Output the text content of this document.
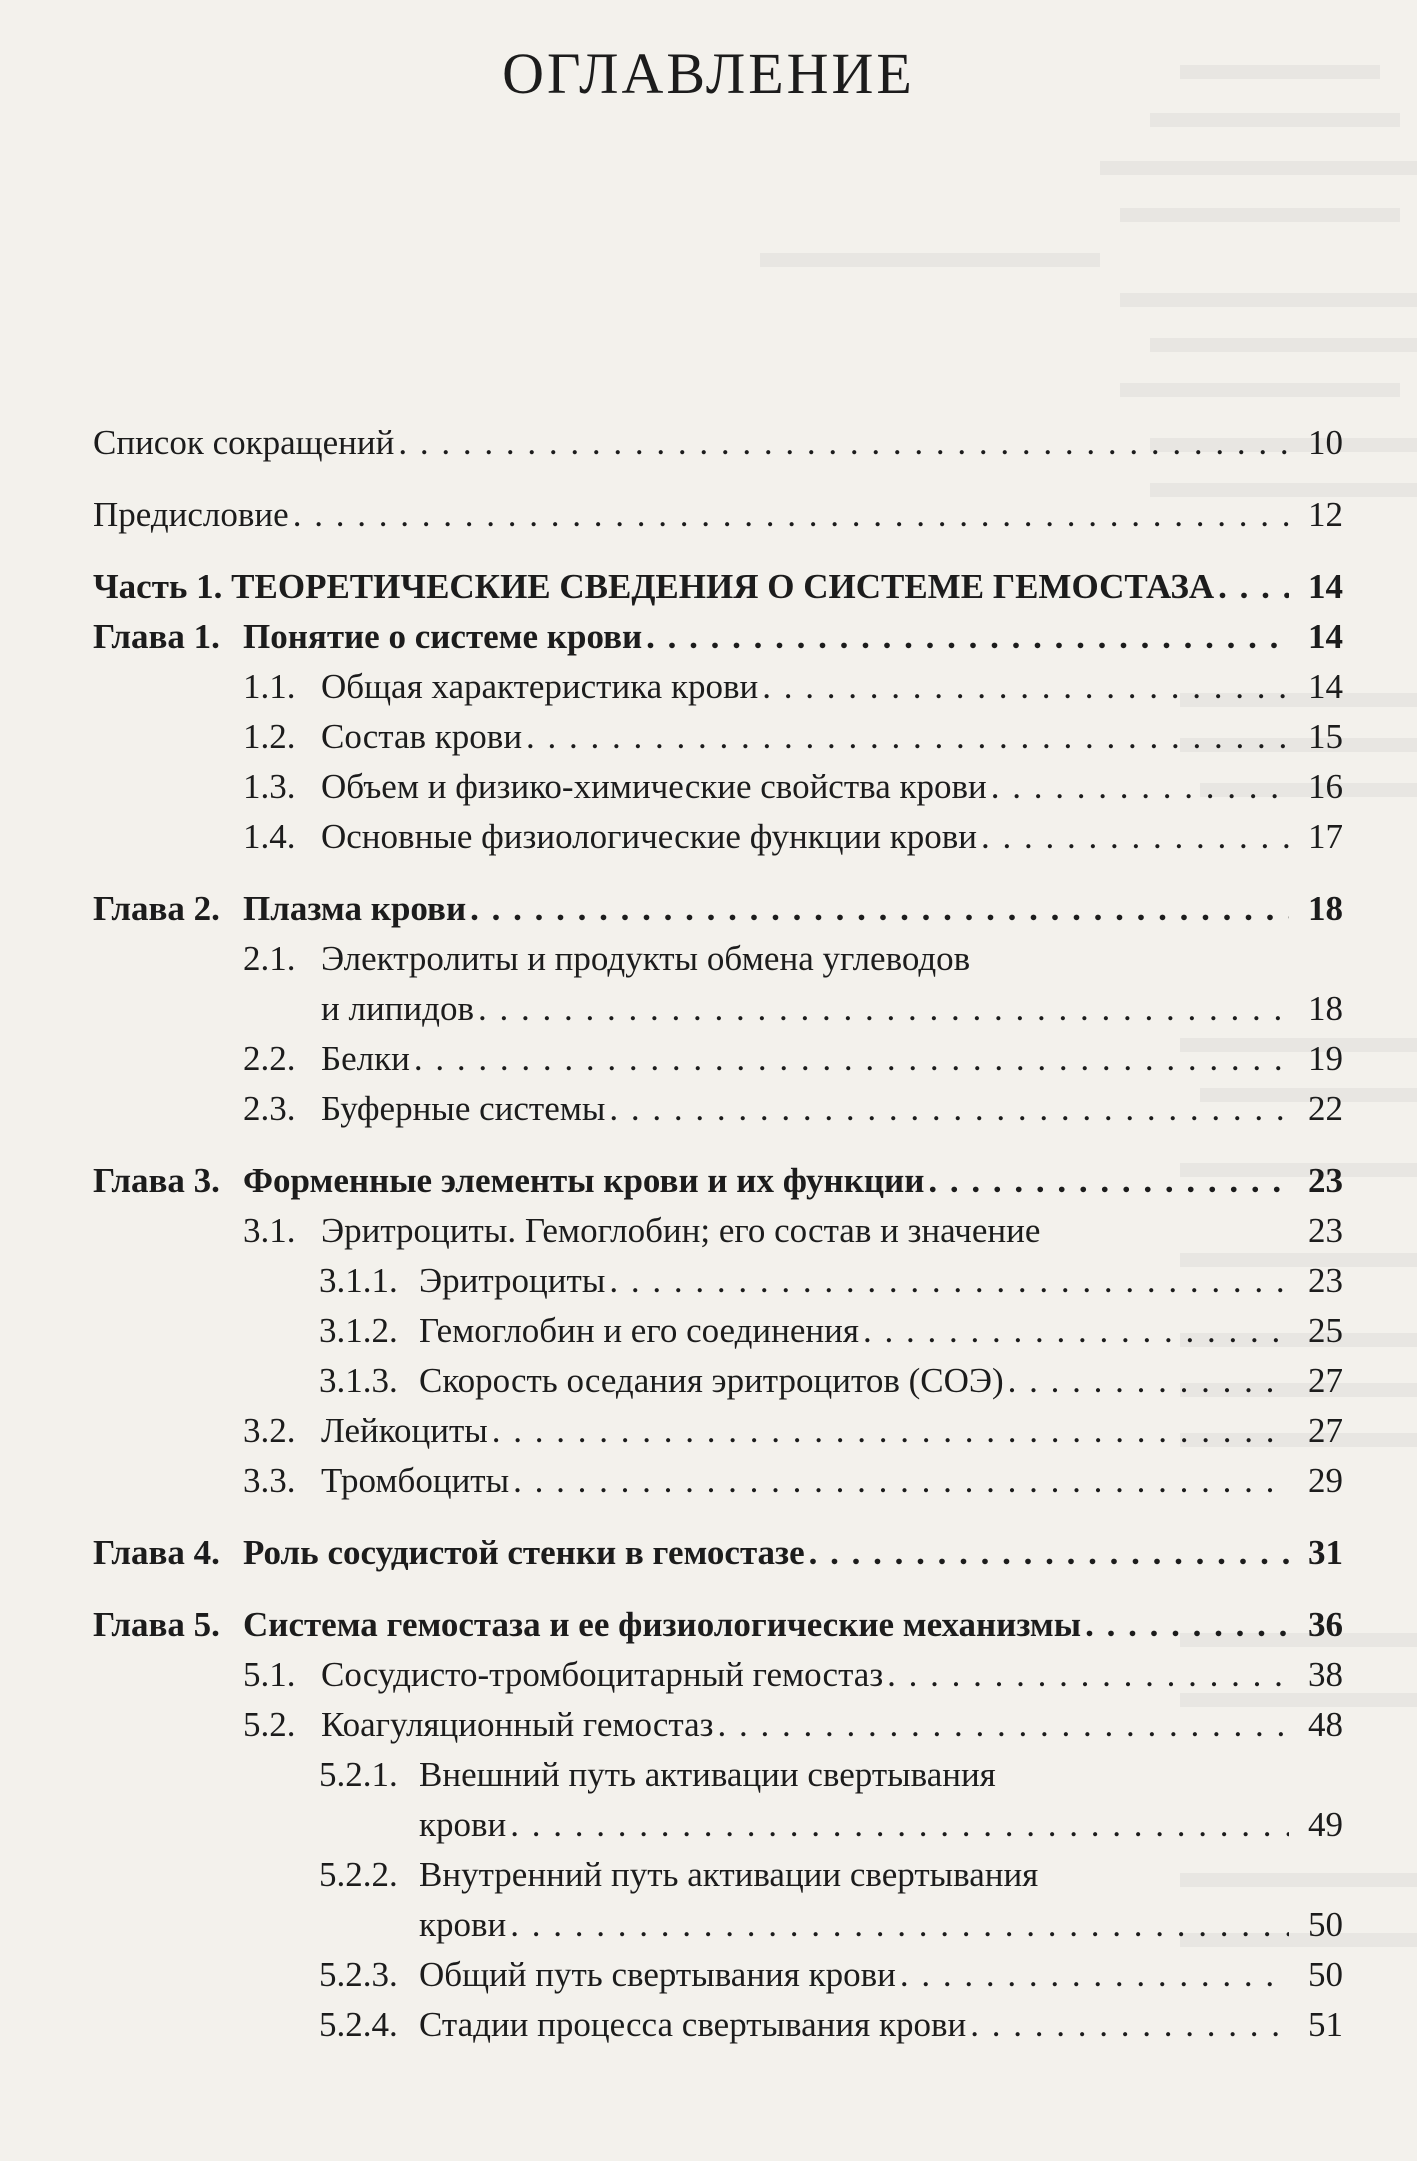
ОГЛАВЛЕНИЕ
Список сокращений . . .	10
Предисловие . . .	12
Часть 1. ТЕОРЕТИЧЕСКИЕ СВЕДЕНИЯ О СИСТЕМЕ ГЕМОСТАЗА . . .	14
Глава 1. Понятие о системе крови . . .	14
1.1. Общая характеристика крови . . .	14
1.2. Состав крови . . .	15
1.3. Объем и физико-химические свойства крови . . .	16
1.4. Основные физиологические функции крови . . .	17
Глава 2. Плазма крови . . .	18
2.1. Электролиты и продукты обмена углеводов
и липидов . . .	18
2.2. Белки . . .	19
2.3. Буферные системы . . .	22
Глава 3. Форменные элементы крови и их функции . . .	23
3.1. Эритроциты. Гемоглобин; его состав и значение	23
3.1.1. Эритроциты . . .	23
3.1.2. Гемоглобин и его соединения . . .	25
3.1.3. Скорость оседания эритроцитов (СОЭ) . . .	27
3.2. Лейкоциты . . .	27
3.3. Тромбоциты . . .	29
Глава 4. Роль сосудистой стенки в гемостазе . . .	31
Глава 5. Система гемостаза и ее физиологические механизмы . . .	36
5.1. Сосудисто-тромбоцитарный гемостаз . . .	38
5.2. Коагуляционный гемостаз . . .	48
5.2.1. Внешний путь активации свертывания
крови . . .	49
5.2.2. Внутренний путь активации свертывания
крови . . .	50
5.2.3. Общий путь свертывания крови . . .	50
5.2.4. Стадии процесса свертывания крови . . .	51
